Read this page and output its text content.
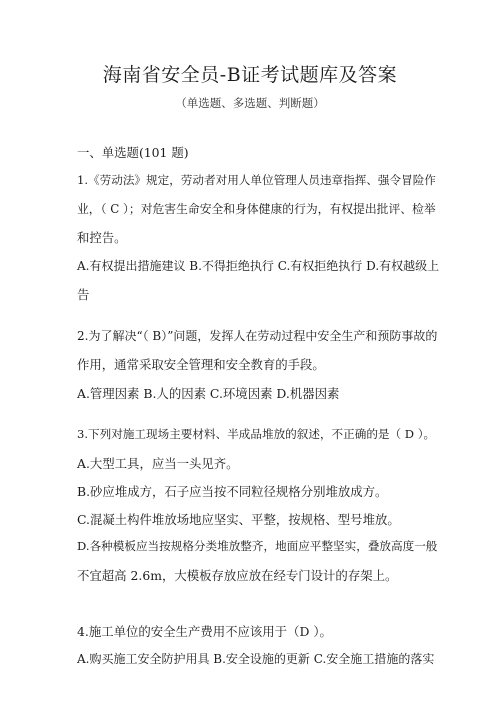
海南省安全员-B证考试题库及答案
（单选题、多选题、判断题）
一、单选题(101 题)
1.《劳动法》规定，劳动者对用人单位管理人员违章指挥、强令冒险作
业，（ C ）；对危害生命安全和身体健康的行为，有权提出批评、检举
和控告。
A.有权提出措施建议 B.不得拒绝执行 C.有权拒绝执行 D.有权越级上
告
2.为了解决“（ B）”问题，发挥人在劳动过程中安全生产和预防事故的
作用，通常采取安全管理和安全教育的手段。
A.管理因素 B.人的因素 C.环境因素 D.机器因素
3.下列对施工现场主要材料、半成品堆放的叙述，不正确的是（ D ）。
A.大型工具，应当一头见齐。
B.砂应堆成方，石子应当按不同粒径规格分别堆放成方。
C.混凝土构件堆放场地应坚实、平整，按规格、型号堆放。
D.各种模板应当按规格分类堆放整齐，地面应平整坚实，叠放高度一般
不宜超高 2.6m，大模板存放应放在经专门设计的存架上。
4.施工单位的安全生产费用不应该用于（D ）。
A.购买施工安全防护用具 B.安全设施的更新 C.安全施工措施的落实
